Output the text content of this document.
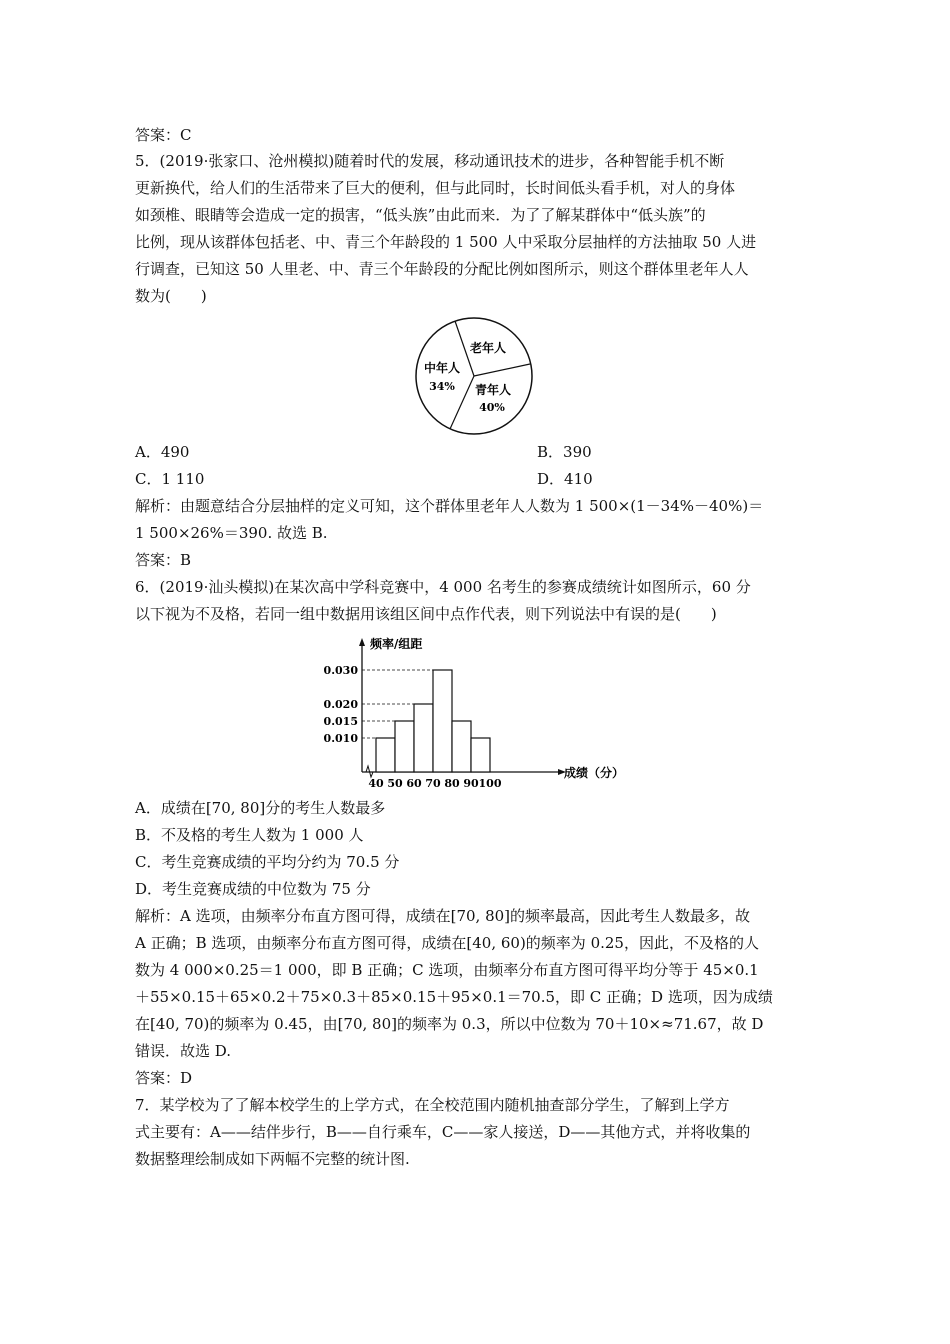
答案：C
5．(2019·张家口、沧州模拟)随着时代的发展，移动通讯技术的进步，各种智能手机不断
更新换代，给人们的生活带来了巨大的便利，但与此同时，长时间低头看手机，对人的身体
如颈椎、眼睛等会造成一定的损害，“低头族”由此而来．为了了解某群体中“低头族”的
比例，现从该群体包括老、中、青三个年龄段的 1 500 人中采取分层抽样的方法抽取 50 人进
行调查，已知这 50 人里老、中、青三个年龄段的分配比例如图所示，则这个群体里老年人人
数为(　　)
老年人
中年人
34% 青年人
40%
A．490	B．390
C．1 110	D．410
解析：由题意结合分层抽样的定义可知，这个群体里老年人人数为 1 500×(1－34%－40%)＝
1 500×26%＝390. 故选 B.
答案：B
6．(2019·汕头模拟)在某次高中学科竞赛中，4 000 名考生的参赛成绩统计如图所示，60 分
以下视为不及格，若同一组中数据用该组区间中点作代表，则下列说法中有误的是(　　)
频率/组距
成绩（分）
0.010
0.015
0.020
0.030
40 50 60 70 80 90 100
A．成绩在[70, 80]分的考生人数最多
B．不及格的考生人数为 1 000 人
C．考生竞赛成绩的平均分约为 70.5 分
D．考生竞赛成绩的中位数为 75 分
解析：A 选项，由频率分布直方图可得，成绩在[70, 80]的频率最高，因此考生人数最多，故
A 正确；B 选项，由频率分布直方图可得，成绩在[40, 60)的频率为 0.25，因此，不及格的人
数为 4 000×0.25＝1 000，即 B 正确；C 选项，由频率分布直方图可得平均分等于 45×0.1
＋55×0.15＋65×0.2＋75×0.3＋85×0.15＋95×0.1＝70.5，即 C 正确；D 选项，因为成绩
在[40, 70)的频率为 0.45，由[70, 80]的频率为 0.3，所以中位数为 70＋10×≈71.67，故 D
错误．故选 D.
答案：D
7．某学校为了了解本校学生的上学方式，在全校范围内随机抽查部分学生，了解到上学方
式主要有：A——结伴步行，B——自行乘车，C——家人接送，D——其他方式，并将收集的
数据整理绘制成如下两幅不完整的统计图.
